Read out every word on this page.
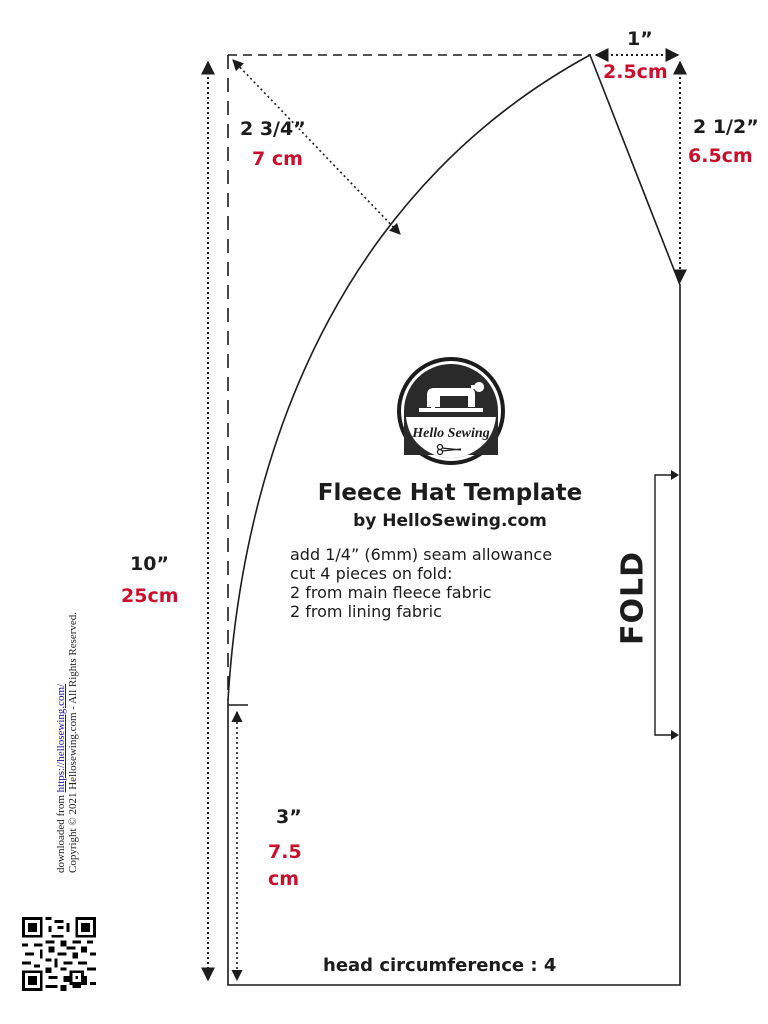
Hello Sewing
1”
2.5cm
2 1/2”
6.5cm
2 3/4”
7 cm
10”
25cm
3”
7.5
cm
Fleece Hat Template
by HelloSewing.com
add 1/4” (6mm) seam allowance
cut 4 pieces on fold:
2 from main fleece fabric
2 from lining fabric	FOLD
head circumference : 4
downloaded from https://hellosewing.com/ Copyright © 2021 Hellosewing.com - All Rights Reserved.
